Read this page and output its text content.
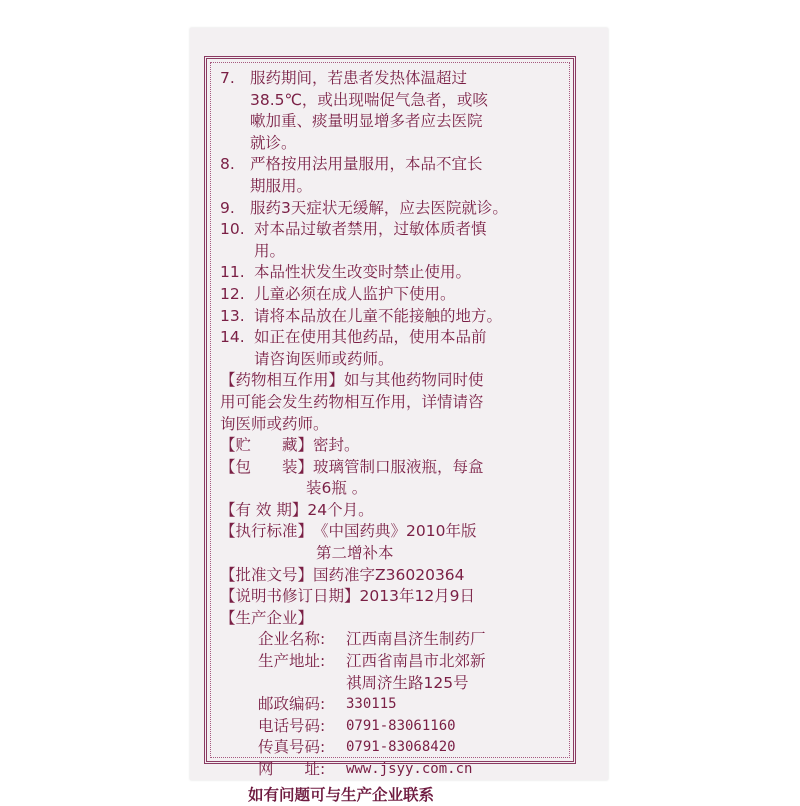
7. 服药期间，若患者发热体温超过
38.5℃，或出现喘促气急者，或咳
嗽加重、痰量明显增多者应去医院
就诊。
8. 严格按用法用量服用，本品不宜长
期服用。
9. 服药3天症状无缓解，应去医院就诊。
10. 对本品过敏者禁用，过敏体质者慎
用。
11. 本品性状发生改变时禁止使用。
12. 儿童必须在成人监护下使用。
13. 请将本品放在儿童不能接触的地方。
14. 如正在使用其他药品，使用本品前
请咨询医师或药师。
【药物相互作用】如与其他药物同时使
用可能会发生药物相互作用，详情请咨
询医师或药师。
【贮　　藏】 密封。
【包　　装】 玻璃管制口服液瓶，每盒
装6瓶 。
【有 效 期】 24个月。
【执行标准】 《中国药典》2010年版
第二增补本
【批准文号】 国药准字Z36020364
【说明书修订日期】 2013年12月9日
【生产企业】
企业名称:	江西南昌济生制药厂
生产地址:	江西省南昌市北郊新
祺周济生路125号
邮政编码:	330115
电话号码:	0791-83061160
传真号码:	0791-83068420
网　　址:	www.jsyy.com.cn
如有问题可与生产企业联系
